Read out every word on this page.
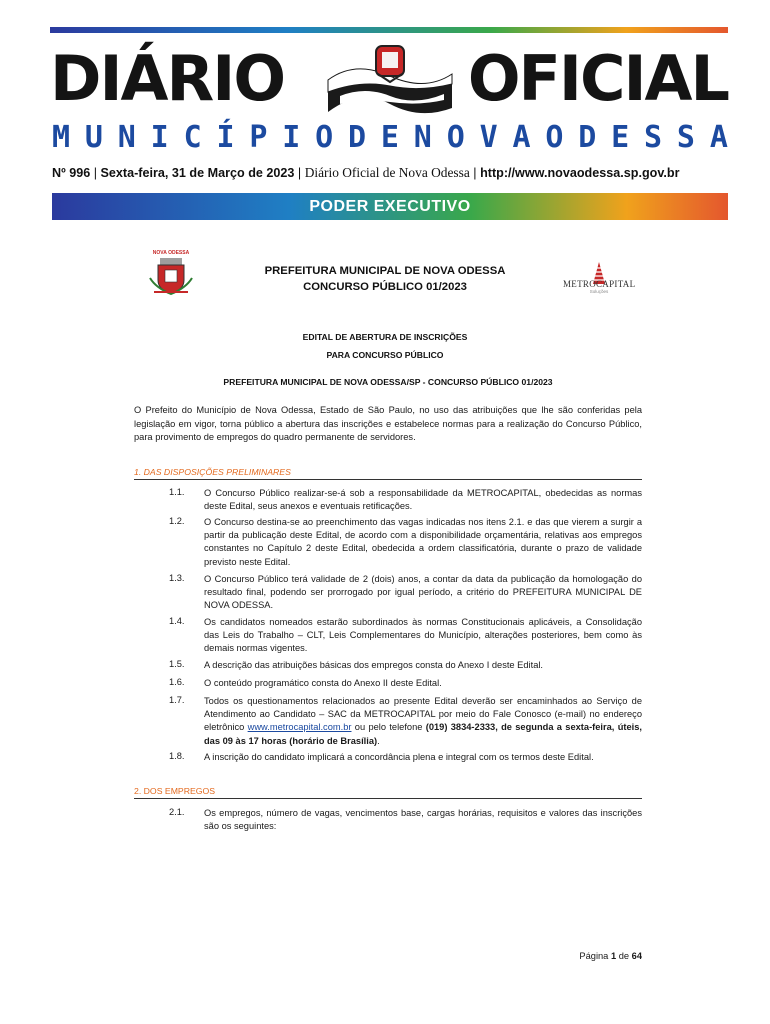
DIÁRIO	OFICIAL
M U N I C Í P I O D E N O V A O D E S S A
Nº 996 | Sexta-feira, 31 de Março de 2023 | Diário Oficial de Nova Odessa | http://www.novaodessa.sp.gov.br
PODER EXECUTIVO
NOVA ODESSA
METROCAPITAL
Soluções
PREFEITURA MUNICIPAL DE NOVA ODESSA
CONCURSO PÚBLICO 01/2023
EDITAL DE ABERTURA DE INSCRIÇÕES
PARA CONCURSO PÚBLICO
PREFEITURA MUNICIPAL DE NOVA ODESSA/SP - CONCURSO PÚBLICO 01/2023
O Prefeito do Município de Nova Odessa, Estado de São Paulo, no uso das atribuições que lhe são conferidas pela legislação em vigor, torna público a abertura das inscrições e estabelece normas para a realização do Concurso Público, para provimento de empregos do quadro permanente de servidores.
1. DAS DISPOSIÇÕES PRELIMINARES
1.1. O Concurso Público realizar-se-á sob a responsabilidade da METROCAPITAL, obedecidas as normas deste Edital, seus anexos e eventuais retificações.
1.2. O Concurso destina-se ao preenchimento das vagas indicadas nos itens 2.1. e das que vierem a surgir a partir da publicação deste Edital, de acordo com a disponibilidade orçamentária, relativas aos empregos constantes no Capítulo 2 deste Edital, obedecida a ordem classificatória, durante o prazo de validade previsto neste Edital.
1.3. O Concurso Público terá validade de 2 (dois) anos, a contar da data da publicação da homologação do resultado final, podendo ser prorrogado por igual período, a critério do PREFEITURA MUNICIPAL DE NOVA ODESSA.
1.4. Os candidatos nomeados estarão subordinados às normas Constitucionais aplicáveis, a Consolidação das Leis do Trabalho – CLT, Leis Complementares do Município, alterações posteriores, bem como às demais normas vigentes.
1.5. A descrição das atribuições básicas dos empregos consta do Anexo I deste Edital.
1.6. O conteúdo programático consta do Anexo II deste Edital.
1.7. Todos os questionamentos relacionados ao presente Edital deverão ser encaminhados ao Serviço de Atendimento ao Candidato – SAC da METROCAPITAL por meio do Fale Conosco (e-mail) no endereço eletrônico www.metrocapital.com.br ou pelo telefone (019) 3834-2333, de segunda a sexta-feira, úteis, das 09 às 17 horas (horário de Brasília).
1.8. A inscrição do candidato implicará a concordância plena e integral com os termos deste Edital.
2. DOS EMPREGOS
2.1. Os empregos, número de vagas, vencimentos base, cargas horárias, requisitos e valores das inscrições são os seguintes:
Página 1 de 64
